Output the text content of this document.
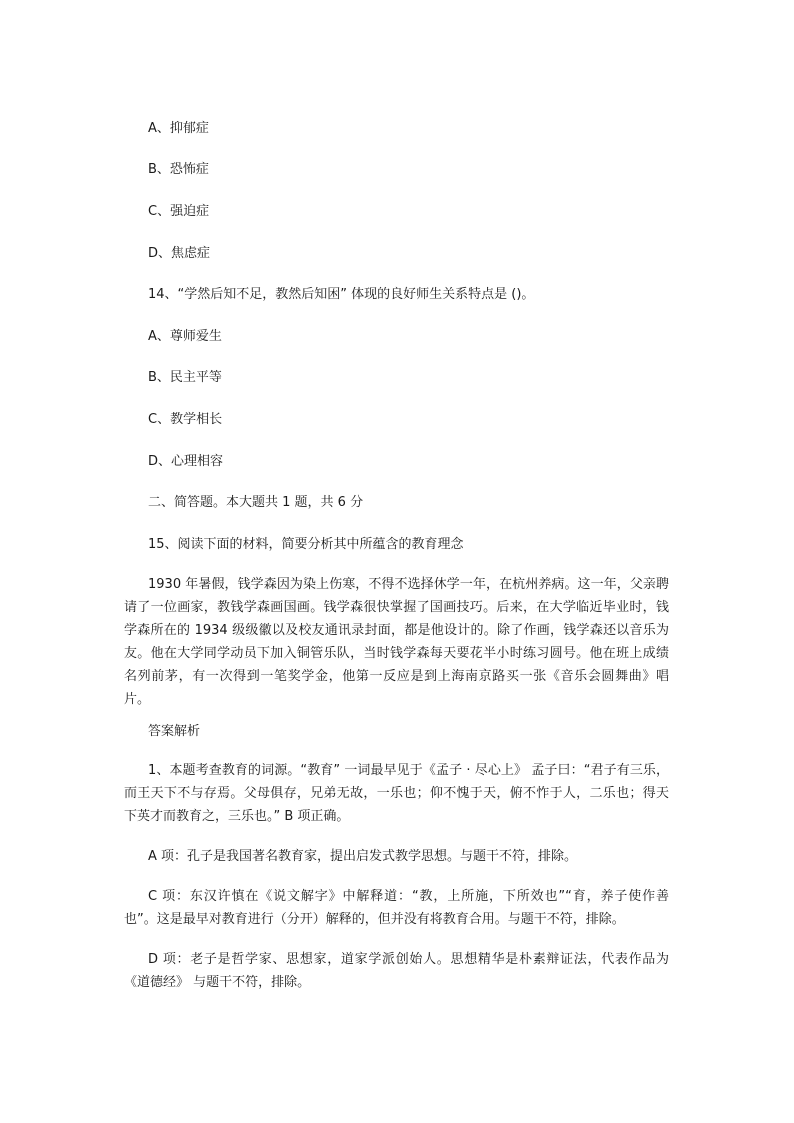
A、抑郁症
B、恐怖症
C、强迫症
D、焦虑症
14、“学然后知不足，教然后知困” 体现的良好师生关系特点是 ()。
A、尊师爱生
B、民主平等
C、教学相长
D、心理相容
二、简答题。本大题共 1 题，共 6 分
15、阅读下面的材料，简要分析其中所蕴含的教育理念

1930 年暑假，钱学森因为染上伤寒，不得不选择休学一年，在杭州养病。这一年，父亲聘请了一位画家，教钱学森画国画。钱学森很快掌握了国画技巧。后来，在大学临近毕业时，钱学森所在的 1934 级级徽以及校友通讯录封面，都是他设计的。除了作画，钱学森还以音乐为友。他在大学同学动员下加入铜管乐队，当时钱学森每天要花半小时练习圆号。他在班上成绩名列前茅，有一次得到一笔奖学金，他第一反应是到上海南京路买一张《音乐会圆舞曲》唱片。

答案解析

1、本题考查教育的词源。“教育” 一词最早见于《孟子 · 尽心上》 孟子曰：“君子有三乐，而王天下不与存焉。父母俱存，兄弟无故，一乐也；仰不愧于天，俯不怍于人，二乐也；得天下英才而教育之，三乐也。” B 项正确。

A 项：孔子是我国著名教育家，提出启发式教学思想。与题干不符，排除。

C 项：东汉许慎在《说文解字》中解释道：“教，上所施，下所效也”“育，养子使作善也”。这是最早对教育进行（分开）解释的，但并没有将教育合用。与题干不符，排除。

D 项：老子是哲学家、思想家，道家学派创始人。思想精华是朴素辩证法，代表作品为《道德经》 与题干不符，排除。
